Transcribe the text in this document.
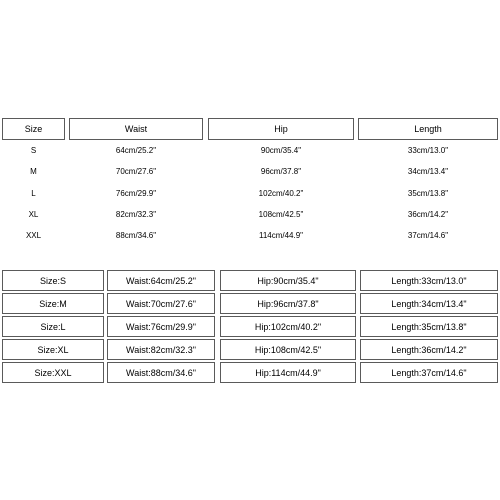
Size	Waist	Hip	Length
S	64cm/25.2"	90cm/35.4"	33cm/13.0"
M	70cm/27.6"	96cm/37.8"	34cm/13.4"
L	76cm/29.9"	102cm/40.2"	35cm/13.8"
XL	82cm/32.3"	108cm/42.5"	36cm/14.2"
XXL	88cm/34.6"	114cm/44.9"	37cm/14.6"
Size:S	Waist:64cm/25.2"	Hip:90cm/35.4"	Length:33cm/13.0"
Size:M	Waist:70cm/27.6"	Hip:96cm/37.8"	Length:34cm/13.4"
Size:L	Waist:76cm/29.9"	Hip:102cm/40.2"	Length:35cm/13.8"
Size:XL	Waist:82cm/32.3"	Hip:108cm/42.5"	Length:36cm/14.2"
Size:XXL	Waist:88cm/34.6"	Hip:114cm/44.9"	Length:37cm/14.6"
